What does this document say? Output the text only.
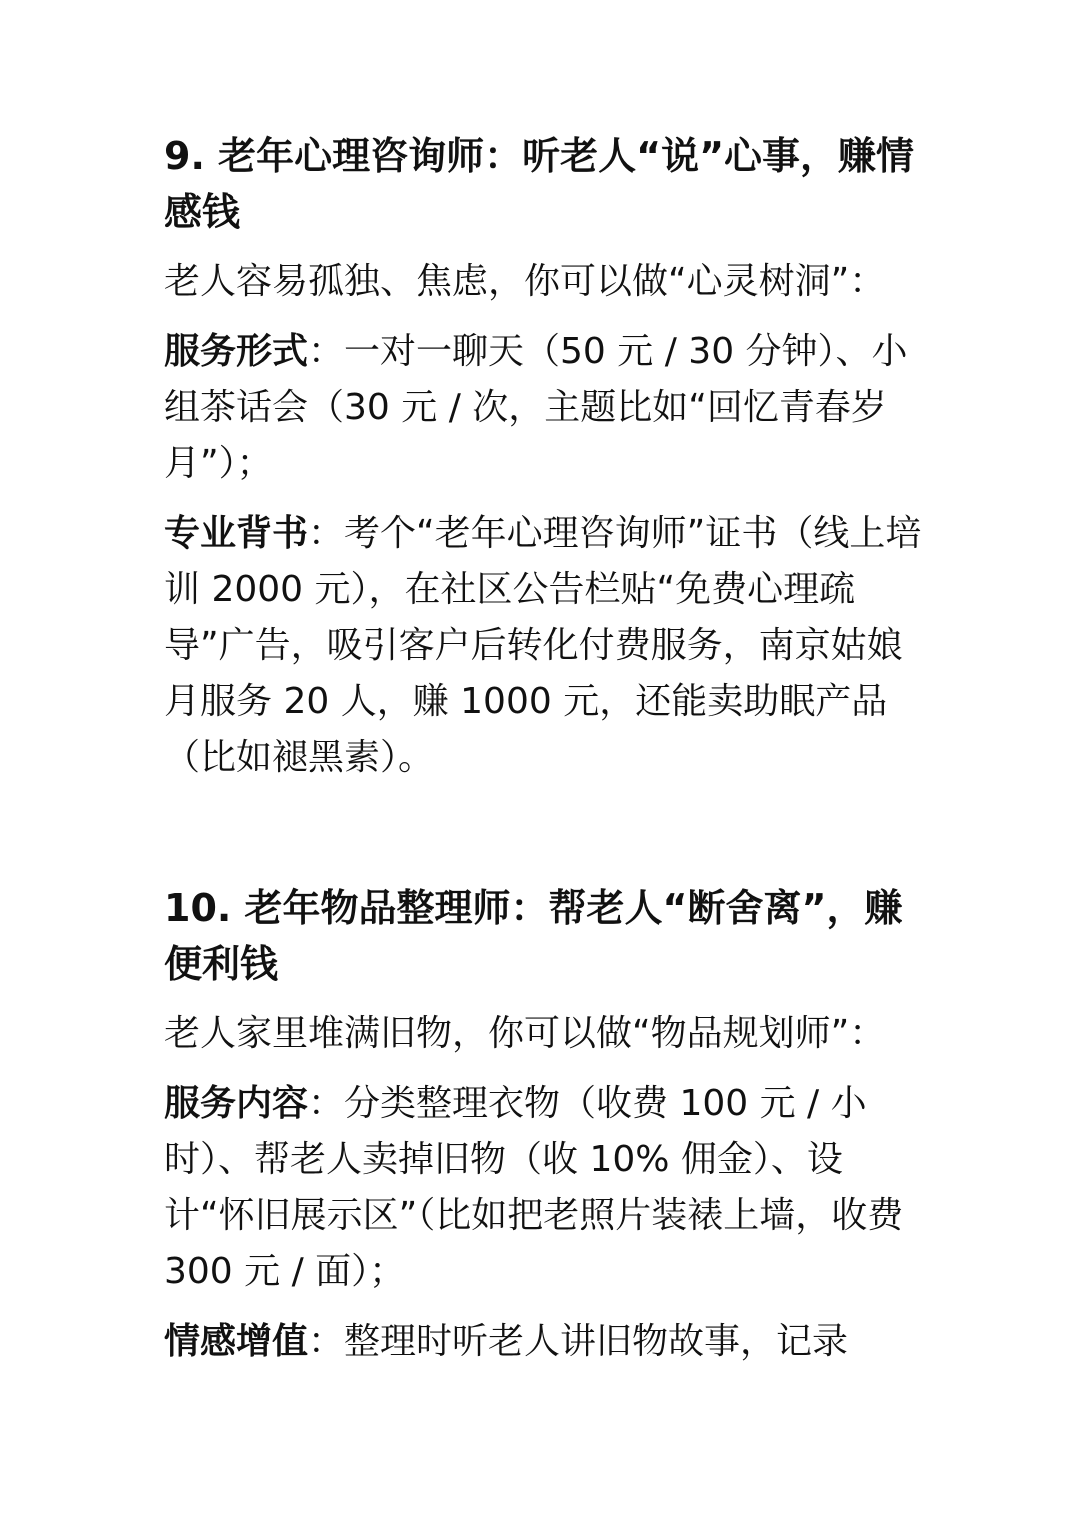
9. 老年心理咨询师：听老人“说”心事，赚情感钱
老人容易孤独、焦虑，你可以做“心灵树洞”：
服务形式：一对一聊天（50 元 / 30 分钟）、小组茶话会（30 元 / 次，主题比如“回忆青春岁月”）；
专业背书：考个“老年心理咨询师”证书（线上培训 2000 元），在社区公告栏贴“免费心理疏导”广告，吸引客户后转化付费服务，南京姑娘月服务 20 人，赚 1000 元，还能卖助眠产品（比如褪黑素）。
10. 老年物品整理师：帮老人“断舍离”，赚便利钱
老人家里堆满旧物，你可以做“物品规划师”：
服务内容：分类整理衣物（收费 100 元 / 小时）、帮老人卖掉旧物（收 10% 佣金）、设计“怀旧展示区”（比如把老照片装裱上墙，收费 300 元 / 面）；
情感增值：整理时听老人讲旧物故事，记录
